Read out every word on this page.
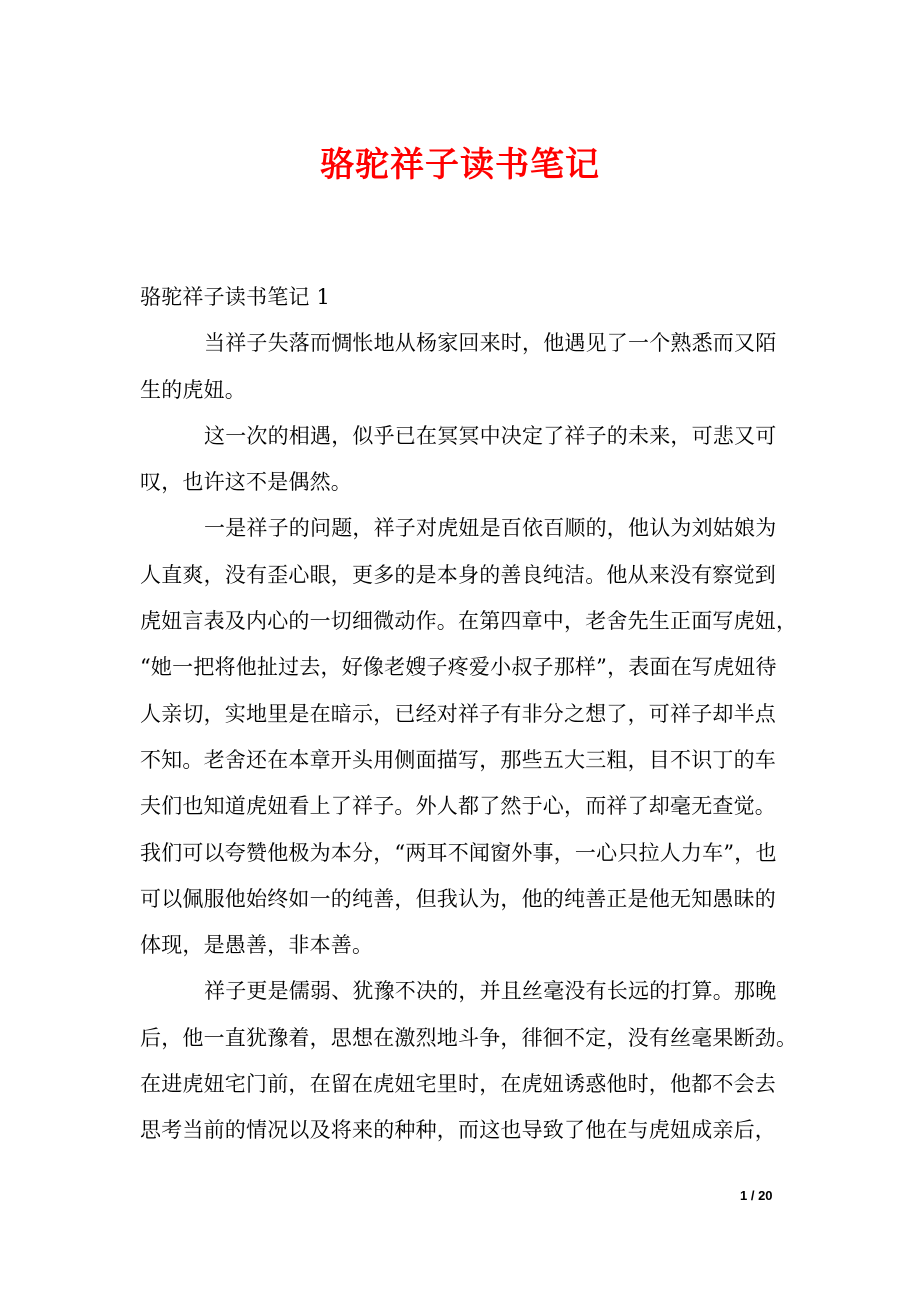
骆驼祥子读书笔记
骆驼祥子读书笔记 1
当祥子失落而惆怅地从杨家回来时，他遇见了一个熟悉而又陌
生的虎妞。
这一次的相遇，似乎已在冥冥中决定了祥子的未来，可悲又可
叹，也许这不是偶然。
一是祥子的问题，祥子对虎妞是百依百顺的，他认为刘姑娘为
人直爽，没有歪心眼，更多的是本身的善良纯洁。他从来没有察觉到
虎妞言表及内心的一切细微动作。在第四章中，老舍先生正面写虎妞，
“她一把将他扯过去，好像老嫂子疼爱小叔子那样”，表面在写虎妞待
人亲切，实地里是在暗示，已经对祥子有非分之想了，可祥子却半点
不知。老舍还在本章开头用侧面描写，那些五大三粗，目不识丁的车
夫们也知道虎妞看上了祥子。外人都了然于心，而祥了却毫无查觉。
我们可以夸赞他极为本分，“两耳不闻窗外事，一心只拉人力车”，也
可以佩服他始终如一的纯善，但我认为，他的纯善正是他无知愚昧的
体现，是愚善，非本善。
祥子更是儒弱、犹豫不决的，并且丝毫没有长远的打算。那晚
后，他一直犹豫着，思想在激烈地斗争，徘徊不定，没有丝毫果断劲。
在进虎妞宅门前，在留在虎妞宅里时，在虎妞诱惑他时，他都不会去
思考当前的情况以及将来的种种，而这也导致了他在与虎妞成亲后，
1 / 20
